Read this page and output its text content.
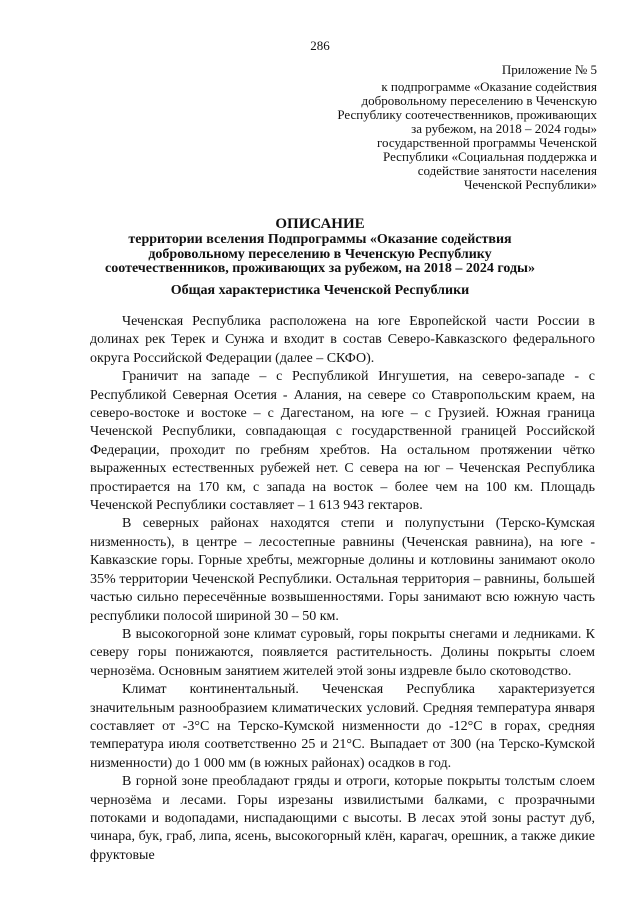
286
Приложение № 5
к подпрограмме «Оказание содействия
добровольному переселению в Чеченскую
Республику соотечественников, проживающих
за рубежом, на 2018 – 2024 годы»
государственной программы Чеченской
Республики «Социальная поддержка и
содействие занятости населения
Чеченской Республики»
ОПИСАНИЕ
территории вселения Подпрограммы «Оказание содействия
добровольному переселению в Чеченскую Республику
соотечественников, проживающих за рубежом, на 2018 – 2024 годы»
Общая характеристика Чеченской Республики

Чеченская Республика расположена на юге Европейской части России в долинах рек Терек и Сунжа и входит в состав Северо-Кавказского федерального округа Российской Федерации (далее – СКФО).

Граничит на западе – с Республикой Ингушетия, на северо-западе - с Республикой Северная Осетия - Алания, на севере со Ставропольским краем, на северо-востоке и востоке – с Дагестаном, на юге – с Грузией. Южная граница Чеченской Республики, совпадающая с государственной границей Российской Федерации, проходит по гребням хребтов. На остальном протяжении чётко выраженных естественных рубежей нет. С севера на юг – Чеченская Республика простирается на 170 км, с запада на восток – более чем на 100 км. Площадь Чеченской Республики составляет – 1 613 943 гектаров.

В северных районах находятся степи и полупустыни (Терско-Кумская низменность), в центре – лесостепные равнины (Чеченская равнина), на юге - Кавказские горы. Горные хребты, межгорные долины и котловины занимают около 35% территории Чеченской Республики. Остальная территория – равнины, большей частью сильно пересечённые возвышенностями. Горы занимают всю южную часть республики полосой шириной 30 – 50 км.

В высокогорной зоне климат суровый, горы покрыты снегами и ледниками. К северу горы понижаются, появляется растительность. Долины покрыты слоем чернозёма. Основным занятием жителей этой зоны издревле было скотоводство.

Климат континентальный. Чеченская Республика характеризуется значительным разнообразием климатических условий. Средняя температура января составляет от -3°С на Терско-Кумской низменности до -12°С в горах, средняя температура июля соответственно 25 и 21°С. Выпадает от 300 (на Терско-Кумской низменности) до 1 000 мм (в южных районах) осадков в год.

В горной зоне преобладают гряды и отроги, которые покрыты толстым слоем чернозёма и лесами. Горы изрезаны извилистыми балками, с прозрачными потоками и водопадами, ниспадающими с высоты. В лесах этой зоны растут дуб, чинара, бук, граб, липа, ясень, высокогорный клён, карагач, орешник, а также дикие фруктовые
